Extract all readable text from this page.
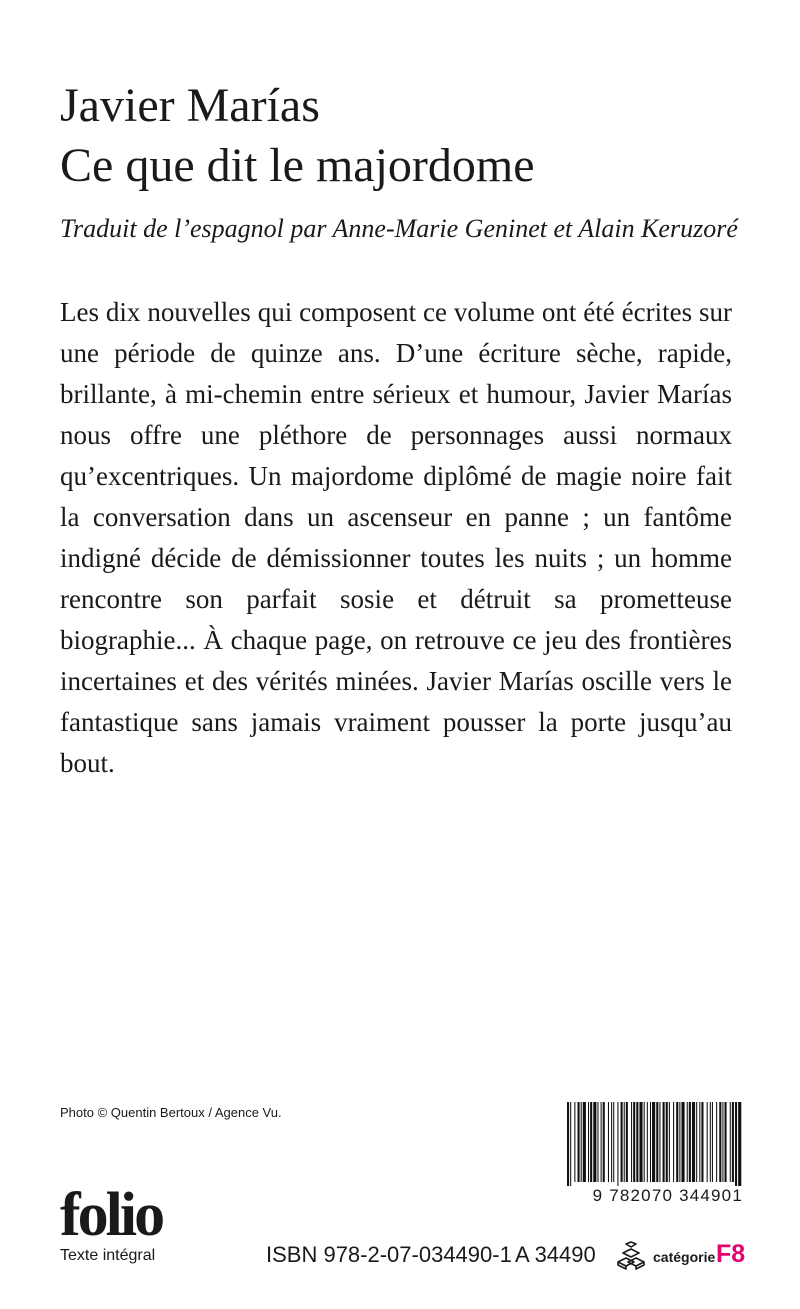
Javier Marías
Ce que dit le majordome
Traduit de l’espagnol par Anne-Marie Geninet et Alain Keruzoré

Les dix nouvelles qui composent ce volume ont été écrites sur une période de quinze ans. D’une écriture sèche, rapide, brillante, à mi-chemin entre sérieux et humour, Javier Marías nous offre une pléthore de personnages aussi normaux qu’excentriques. Un majordome diplômé de magie noire fait la conversation dans un ascenseur en panne ; un fantôme indigné décide de démissionner toutes les nuits ; un homme rencontre son parfait sosie et détruit sa prometteuse biographie... À chaque page, on retrouve ce jeu des frontières incertaines et des vérités minées. Javier Marías oscille vers le fantastique sans jamais vraiment pousser la porte jusqu’au bout.

Photo © Quentin Bertoux / Agence Vu.
9 782070 344901
folio
Texte intégral	ISBN 978-2-07-034490-1 A 34490	catégorie F8
